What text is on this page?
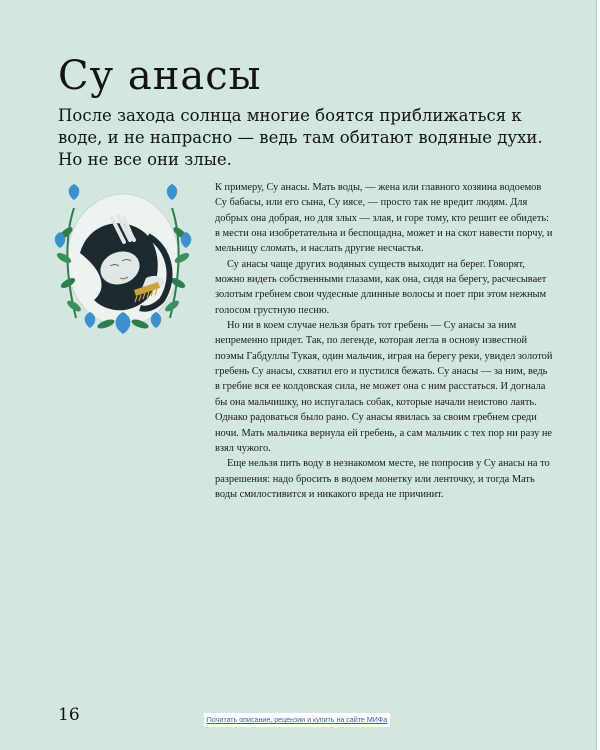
Су анасы

После захода солнца многие боятся приближаться к воде, и не напрасно — ведь там обитают водяные духи. Но не все они злые.

К примеру, Су анасы. Мать воды, — жена или главного хозяина водоемов Су бабасы, или его сына, Су иясе, — просто так не вредит людям. Для добрых она добрая, но для злых — злая, и горе тому, кто решит ее обидеть: в мести она изобретательна и беспощадна, может и на скот навести порчу, и мельницу сломать, и наслать другие несчастья.

Су анасы чаще других водяных существ выходит на берег. Говорят, можно видеть собственными глазами, как она, сидя на берегу, расчесывает золотым гребнем свои чудесные длинные волосы и поет при этом нежным голосом грустную песню.

Но ни в коем случае нельзя брать тот гребень — Су анасы за ним непременно придет. Так, по легенде, которая легла в основу известной поэмы Габдуллы Тукая, один мальчик, играя на берегу реки, увидел золотой гребень Су анасы, схватил его и пустился бежать. Су анасы — за ним, ведь в гребне вся ее колдовская сила, не может она с ним расстаться. И догнала бы она мальчишку, но испугалась собак, которые начали неистово лаять. Однако радоваться было рано. Су анасы явилась за своим гребнем среди ночи. Мать мальчика вернула ей гребень, а сам мальчик с тех пор ни разу не взял чужого.

Еще нельзя пить воду в незнакомом месте, не попросив у Су анасы на то разрешения: надо бросить в водоем монетку или ленточку, и тогда Мать воды смилостивится и никакого вреда не причинит.

16	Почитать описание, рецензии и купить на сайте МИФа
